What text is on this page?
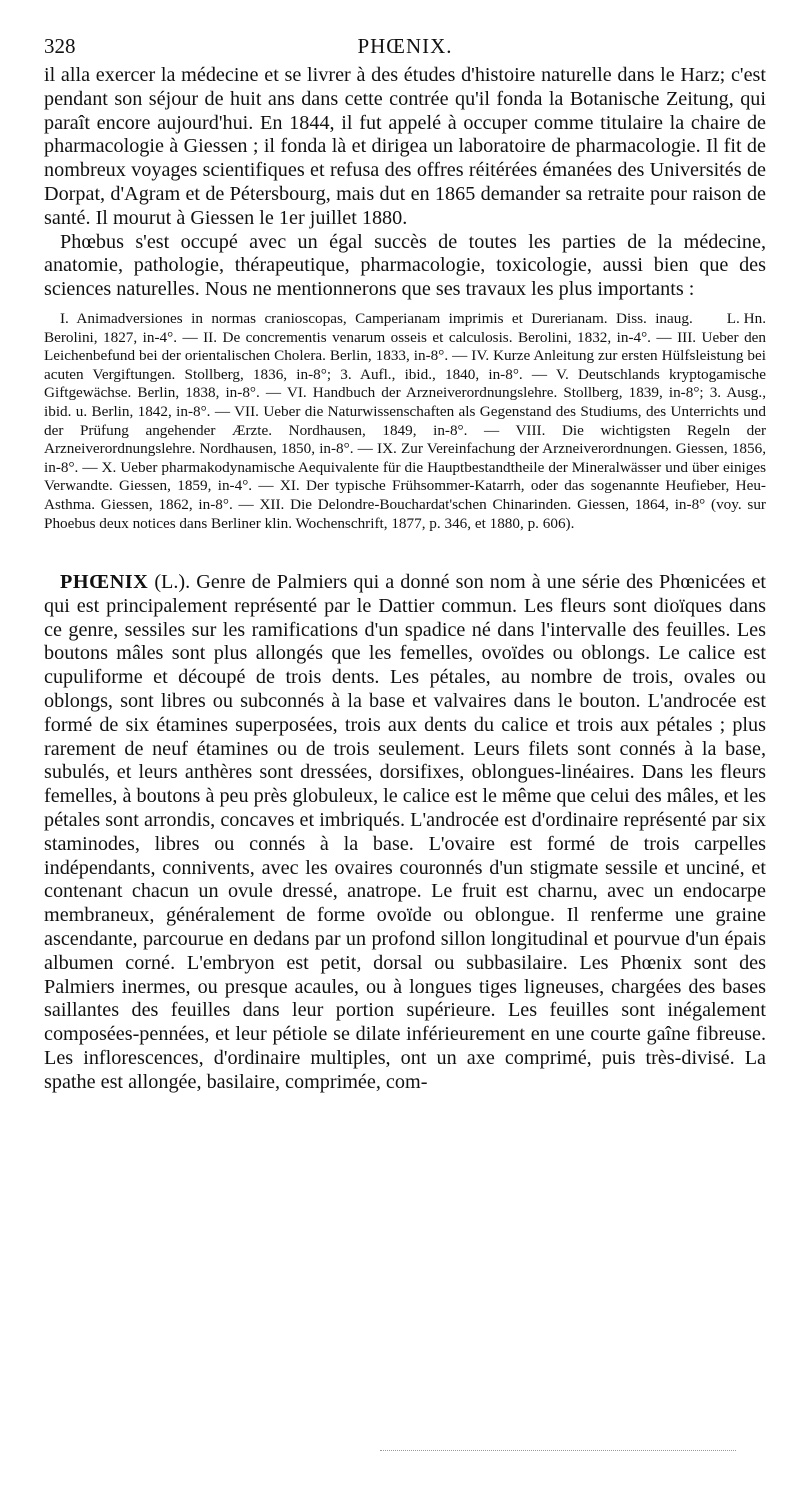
328	PHŒNIX.

il alla exercer la médecine et se livrer à des études d'histoire naturelle dans le Harz; c'est pendant son séjour de huit ans dans cette contrée qu'il fonda la Botanische Zeitung, qui paraît encore aujourd'hui. En 1844, il fut appelé à occuper comme titulaire la chaire de pharmacologie à Giessen ; il fonda là et dirigea un laboratoire de pharmacologie. Il fit de nombreux voyages scientifiques et refusa des offres réitérées émanées des Universités de Dorpat, d'Agram et de Pétersbourg, mais dut en 1865 demander sa retraite pour raison de santé. Il mourut à Giessen le 1er juillet 1880.

Phœbus s'est occupé avec un égal succès de toutes les parties de la médecine, anatomie, pathologie, thérapeutique, pharmacologie, toxicologie, aussi bien que des sciences naturelles. Nous ne mentionnerons que ses travaux les plus importants :

L. Hn.
I. Animadversiones in normas cranioscopas, Camperianam imprimis et Durerianam. Diss. inaug. Berolini, 1827, in-4°. — II. De concrementis venarum osseis et calculosis. Berolini, 1832, in-4°. — III. Ueber den Leichenbefund bei der orientalischen Cholera. Berlin, 1833, in-8°. — IV. Kurze Anleitung zur ersten Hülfsleistung bei acuten Vergiftungen. Stollberg, 1836, in-8°; 3. Aufl., ibid., 1840, in-8°. — V. Deutschlands kryptogamische Giftgewächse. Berlin, 1838, in-8°. — VI. Handbuch der Arzneiverordnungslehre. Stollberg, 1839, in-8°; 3. Ausg., ibid. u. Berlin, 1842, in-8°. — VII. Ueber die Naturwissenschaften als Gegenstand des Studiums, des Unterrichts und der Prüfung angehender Ærzte. Nordhausen, 1849, in-8°. — VIII. Die wichtigsten Regeln der Arzneiverordnungslehre. Nordhausen, 1850, in-8°. — IX. Zur Vereinfachung der Arzneiverordnungen. Giessen, 1856, in-8°. — X. Ueber pharmakodynamische Aequivalente für die Hauptbestandtheile der Mineralwässer und über einiges Verwandte. Giessen, 1859, in-4°. — XI. Der typische Frühsommer-Katarrh, oder das sogenannte Heufieber, Heu-Asthma. Giessen, 1862, in-8°. — XII. Die Delondre-Bouchardat'schen Chinarinden. Giessen, 1864, in-8° (voy. sur Phoebus deux notices dans Berliner klin. Wochenschrift, 1877, p. 346, et 1880, p. 606).

PHŒNIX (L.). Genre de Palmiers qui a donné son nom à une série des Phœnicées et qui est principalement représenté par le Dattier commun. Les fleurs sont dioïques dans ce genre, sessiles sur les ramifications d'un spadice né dans l'intervalle des feuilles. Les boutons mâles sont plus allongés que les femelles, ovoïdes ou oblongs. Le calice est cupuliforme et découpé de trois dents. Les pétales, au nombre de trois, ovales ou oblongs, sont libres ou subconnés à la base et valvaires dans le bouton. L'androcée est formé de six étamines superposées, trois aux dents du calice et trois aux pétales ; plus rarement de neuf étamines ou de trois seulement. Leurs filets sont connés à la base, subulés, et leurs anthères sont dressées, dorsifixes, oblongues-linéaires. Dans les fleurs femelles, à boutons à peu près globuleux, le calice est le même que celui des mâles, et les pétales sont arrondis, concaves et imbriqués. L'androcée est d'ordinaire représenté par six staminodes, libres ou connés à la base. L'ovaire est formé de trois carpelles indépendants, connivents, avec les ovaires couronnés d'un stigmate sessile et unciné, et contenant chacun un ovule dressé, anatrope. Le fruit est charnu, avec un endocarpe membraneux, généralement de forme ovoïde ou oblongue. Il renferme une graine ascendante, parcourue en dedans par un profond sillon longitudinal et pourvue d'un épais albumen corné. L'embryon est petit, dorsal ou subbasilaire. Les Phœnix sont des Palmiers inermes, ou presque acaules, ou à longues tiges ligneuses, chargées des bases saillantes des feuilles dans leur portion supérieure. Les feuilles sont inégalement composées-pennées, et leur pétiole se dilate inférieurement en une courte gaîne fibreuse. Les inflorescences, d'ordinaire multiples, ont un axe comprimé, puis très-divisé. La spathe est allongée, basilaire, comprimée, com-
